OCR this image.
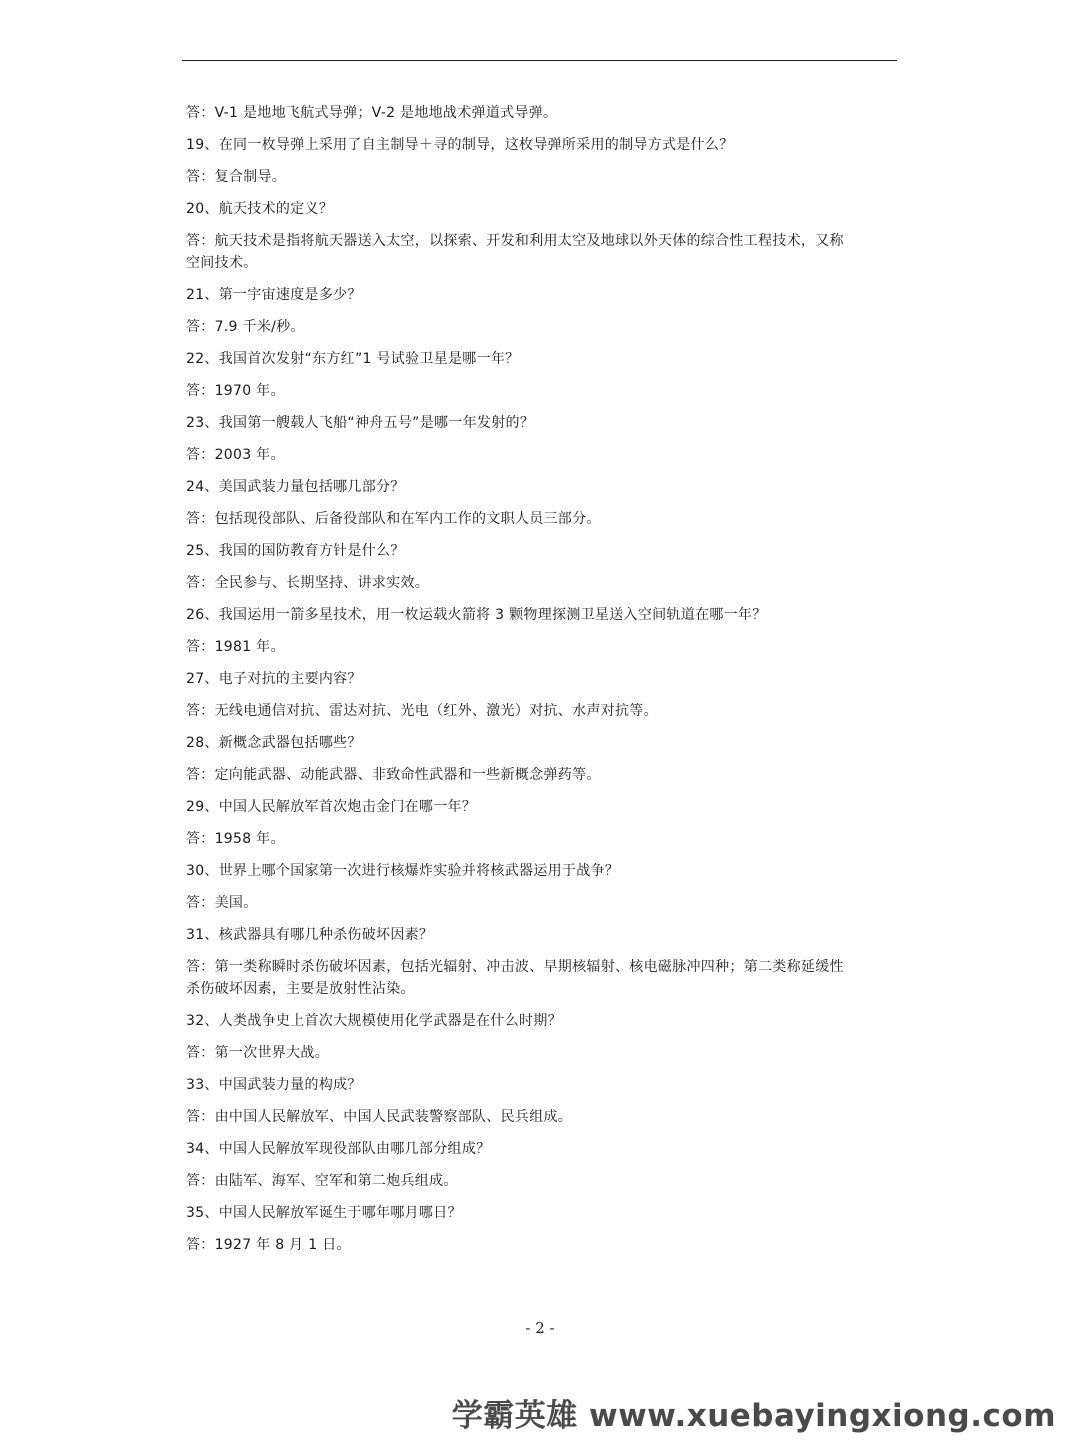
答：V-1 是地地飞航式导弹；V-2 是地地战术弹道式导弹。

19、在同一枚导弹上采用了自主制导＋寻的制导，这枚导弹所采用的制导方式是什么？

答：复合制导。

20、航天技术的定义？

答：航天技术是指将航天器送入太空，以探索、开发和利用太空及地球以外天体的综合性工程技术，又称

空间技术。

21、第一宇宙速度是多少？

答：7.9 千米/秒。

22、我国首次发射“东方红”1 号试验卫星是哪一年？

答：1970 年。

23、我国第一艘载人飞船“神舟五号”是哪一年发射的？

答：2003 年。

24、美国武装力量包括哪几部分？

答：包括现役部队、后备役部队和在军内工作的文职人员三部分。

25、我国的国防教育方针是什么？

答：全民参与、长期坚持、讲求实效。

26、我国运用一箭多星技术，用一枚运载火箭将 3 颗物理探测卫星送入空间轨道在哪一年？

答：1981 年。

27、电子对抗的主要内容？

答：无线电通信对抗、雷达对抗、光电（红外、激光）对抗、水声对抗等。

28、新概念武器包括哪些？

答：定向能武器、动能武器、非致命性武器和一些新概念弹药等。

29、中国人民解放军首次炮击金门在哪一年？

答：1958 年。

30、世界上哪个国家第一次进行核爆炸实验并将核武器运用于战争？

答：美国。

31、核武器具有哪几种杀伤破坏因素？

答：第一类称瞬时杀伤破坏因素，包括光辐射、冲击波、早期核辐射、核电磁脉冲四种；第二类称延缓性

杀伤破坏因素，主要是放射性沾染。

32、人类战争史上首次大规模使用化学武器是在什么时期？

答：第一次世界大战。

33、中国武装力量的构成？

答：由中国人民解放军、中国人民武装警察部队、民兵组成。

34、中国人民解放军现役部队由哪几部分组成？

答：由陆军、海军、空军和第二炮兵组成。

35、中国人民解放军诞生于哪年哪月哪日？

答：1927 年 8 月 1 日。

- 2 -
学霸英雄 www.xuebayingxiong.com
